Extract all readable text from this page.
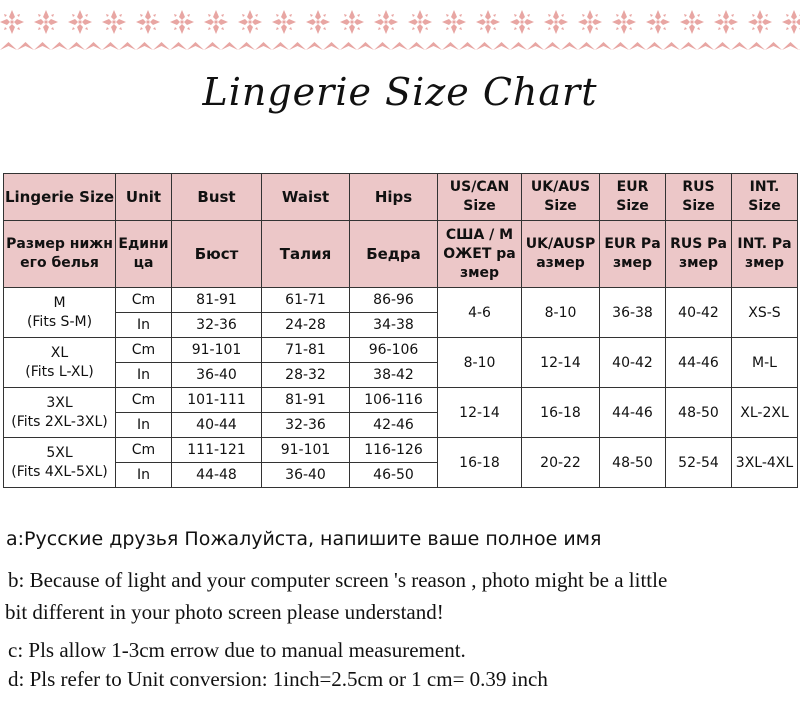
Lingerie Size Chart
Lingerie Size	Unit	Bust	Waist	Hips	US/CAN Size	UK/AUS Size	EUR Size	RUS Size	INT. Size
Размер нижн его белья	Едини ца	Бюст	Талия	Бедра	США / М ОЖЕТ ра змер	UK/AUSP азмер	EUR Ра змер	RUS Ра змер	INT. Ра змер
M
(Fits S-M)	Cm	81-91	61-71	86-96	4-6	8-10	36-38	40-42	XS-S
	In	32-36	24-28	34-38					
XL
(Fits L-XL)	Cm	91-101	71-81	96-106	8-10	12-14	40-42	44-46	M-L
	In	36-40	28-32	38-42					
3XL
(Fits 2XL-3XL)	Cm	101-111	81-91	106-116	12-14	16-18	44-46	48-50	XL-2XL
	In	40-44	32-36	42-46					
5XL
(Fits 4XL-5XL)	Cm	111-121	91-101	116-126	16-18	20-22	48-50	52-54	3XL-4XL
	In	44-48	36-40	46-50					
a:Русские друзья Пожалуйста, напишите ваше полное имя
b: Because of light and your computer screen 's reason , photo might be a little
bit different in your photo screen please understand!
c: Pls allow 1-3cm errow due to manual measurement.
d: Pls refer to Unit conversion: 1inch=2.5cm or 1 cm= 0.39 inch
